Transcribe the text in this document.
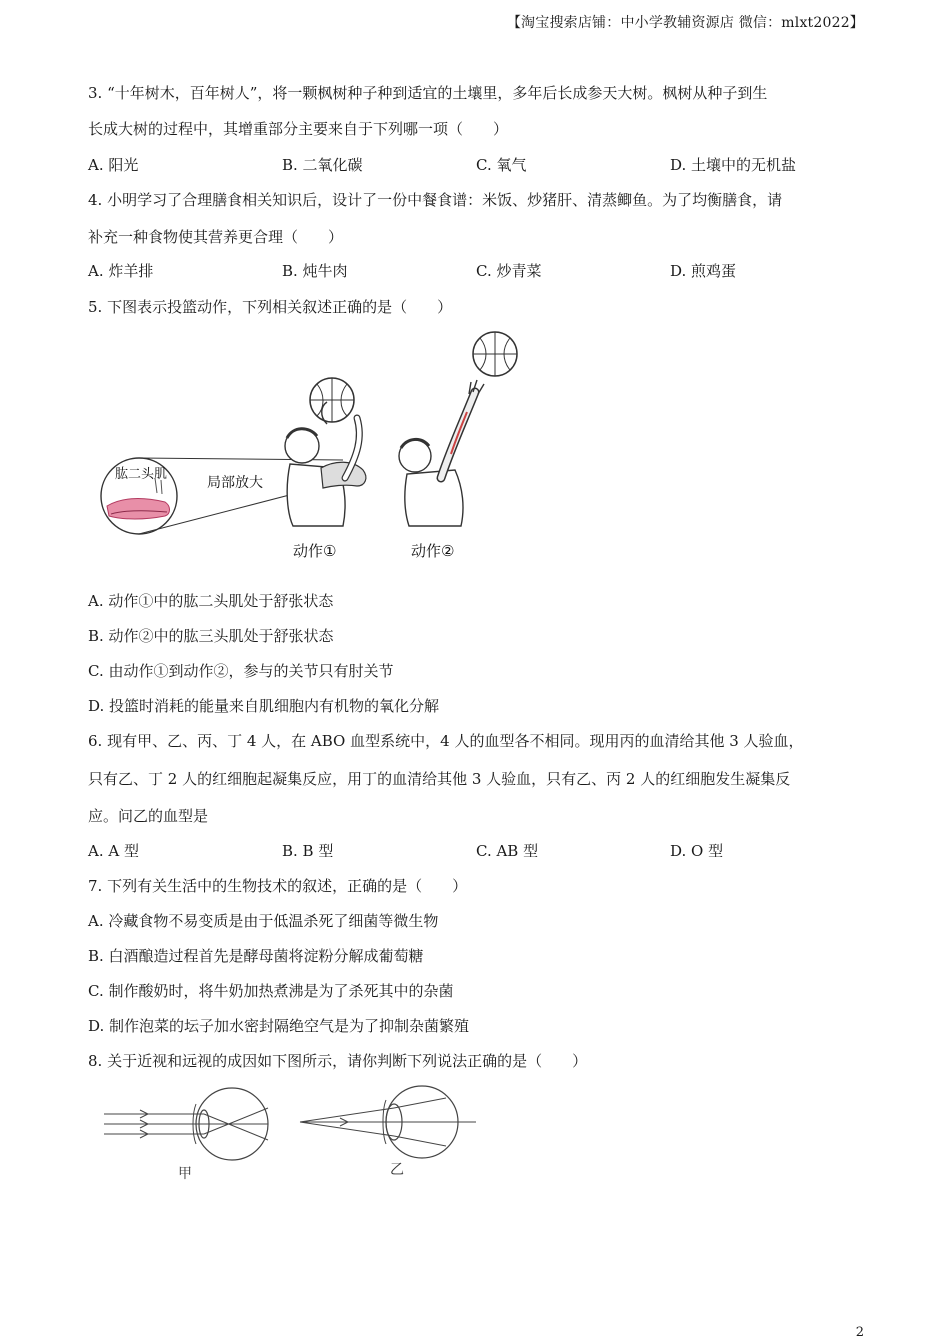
【淘宝搜索店铺：中小学教辅资源店 微信：mlxt2022】
3. “十年树木，百年树人”，将一颗枫树种子种到适宜的土壤里，多年后长成参天大树。枫树从种子到生
长成大树的过程中，其增重部分主要来自于下列哪一项（　　）
A. 阳光	B. 二氧化碳	C. 氧气	D. 土壤中的无机盐
4. 小明学习了合理膳食相关知识后，设计了一份中餐食谱：米饭、炒猪肝、清蒸鲫鱼。为了均衡膳食，请
补充一种食物使其营养更合理（　　）
A. 炸羊排	B. 炖牛肉	C. 炒青菜	D. 煎鸡蛋
5. 下图表示投篮动作，下列相关叙述正确的是（　　）
肱二头肌
局部放大
动作①	动作②
A. 动作①中的肱二头肌处于舒张状态
B. 动作②中的肱三头肌处于舒张状态
C. 由动作①到动作②，参与的关节只有肘关节
D. 投篮时消耗的能量来自肌细胞内有机物的氧化分解
6. 现有甲、乙、丙、丁 4 人，在 ABO 血型系统中，4 人的血型各不相同。现用丙的血清给其他 3 人验血，
只有乙、丁 2 人的红细胞起凝集反应，用丁的血清给其他 3 人验血，只有乙、丙 2 人的红细胞发生凝集反
应。问乙的血型是
A. A 型	B. B 型	C. AB 型	D. O 型
7. 下列有关生活中的生物技术的叙述，正确的是（　　）
A. 冷藏食物不易变质是由于低温杀死了细菌等微生物
B. 白酒酿造过程首先是酵母菌将淀粉分解成葡萄糖
C. 制作酸奶时，将牛奶加热煮沸是为了杀死其中的杂菌
D. 制作泡菜的坛子加水密封隔绝空气是为了抑制杂菌繁殖
8. 关于近视和远视的成因如下图所示，请你判断下列说法正确的是（　　）
甲	乙
2
